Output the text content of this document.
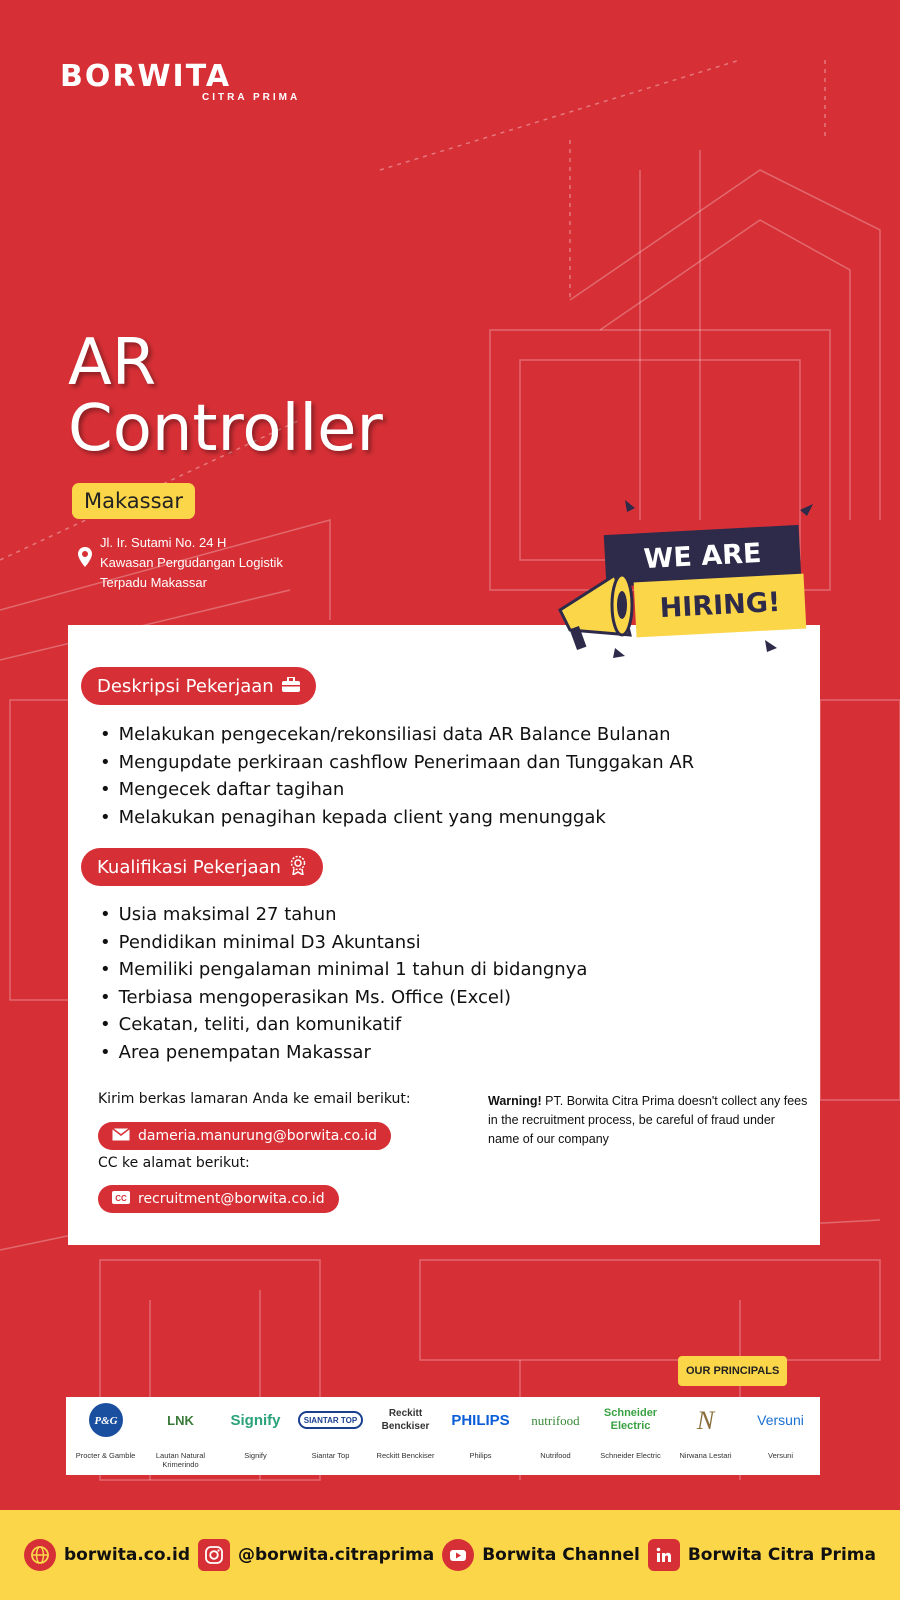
BORWITA
CITRA PRIMA
AR
Controller
Makassar
Jl. Ir. Sutami No. 24 H
Kawasan Pergudangan Logistik
Terpadu Makassar
Deskripsi Pekerjaan
• Melakukan pengecekan/rekonsiliasi data AR Balance Bulanan
• Mengupdate perkiraan cashflow Penerimaan dan Tunggakan AR
• Mengecek daftar tagihan
• Melakukan penagihan kepada client yang menunggak
Kualifikasi Pekerjaan
• Usia maksimal 27 tahun
• Pendidikan minimal D3 Akuntansi
• Memiliki pengalaman minimal 1 tahun di bidangnya
• Terbiasa mengoperasikan Ms. Office (Excel)
• Cekatan, teliti, dan komunikatif
• Area penempatan Makassar
Kirim berkas lamaran Anda ke email berikut:
dameria.manurung@borwita.co.id
CC ke alamat berikut:
CC recruitment@borwita.co.id
Warning! PT. Borwita Citra Prima doesn't collect any fees in the recruitment process, be careful of fraud under name of our company
WE ARE
HIRING!
OUR PRINCIPALS
P&G
Procter & Gamble
LNK
Lautan Natural Krimerindo
Signify
Signify
SIANTAR TOP
Siantar Top
Reckitt Benckiser
Reckitt Benckiser
PHILIPS
Philips
nutrifood
Nutrifood
Schneider Electric
Schneider Electric
N
Nirwana Lestari
Versuni
Versuni
borwita.co.id	@borwita.citraprima	Borwita Channel	Borwita Citra Prima
